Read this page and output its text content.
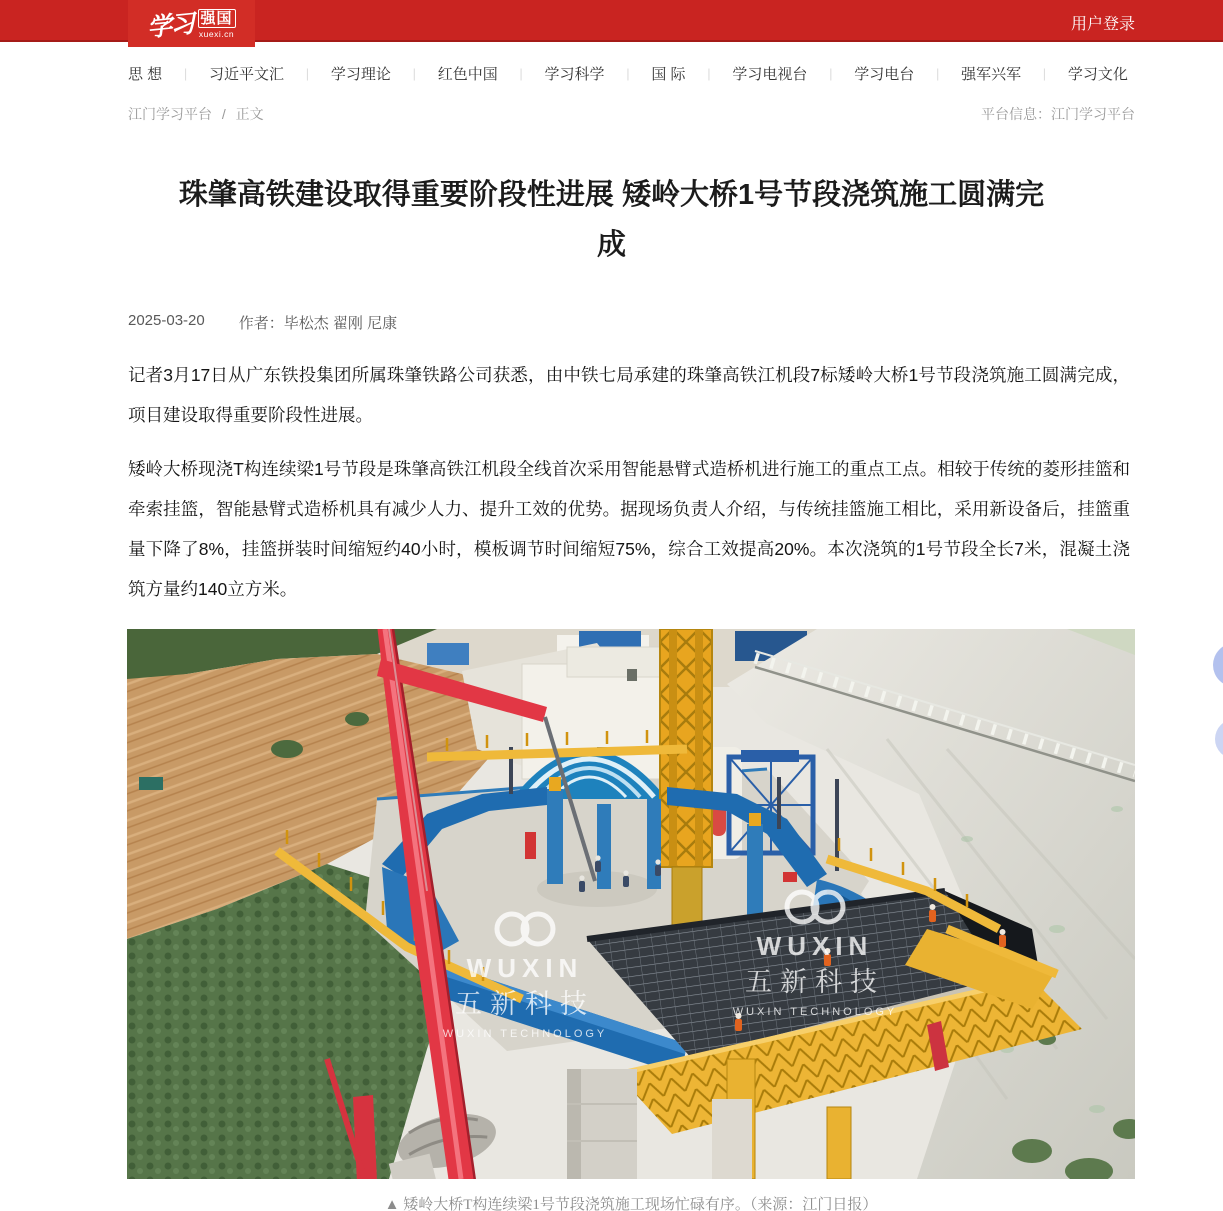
学习 强国
xuexi.cn
用户登录
思 想 | 习近平文汇 | 学习理论 | 红色中国 | 学习科学 | 国 际 | 学习电视台 | 学习电台 | 强军兴军 | 学习文化
江门学习平台 / 正文	平台信息：江门学习平台
珠肇高铁建设取得重要阶段性进展 矮岭大桥1号节段浇筑施工圆满完成
2025-03-20 作者：毕松杰 翟刚 尼康

记者3月17日从广东铁投集团所属珠肇铁路公司获悉，由中铁七局承建的珠肇高铁江机段7标矮岭大桥1号节段浇筑施工圆满完成，项目建设取得重要阶段性进展。

矮岭大桥现浇T构连续梁1号节段是珠肇高铁江机段全线首次采用智能悬臂式造桥机进行施工的重点工点。相较于传统的菱形挂篮和牵索挂篮，智能悬臂式造桥机具有减少人力、提升工效的优势。据现场负责人介绍，与传统挂篮施工相比，采用新设备后，挂篮重量下降了8%，挂篮拼装时间缩短约40小时，模板调节时间缩短75%，综合工效提高20%。本次浇筑的1号节段全长7米，混凝土浇筑方量约140立方米。

WUXIN
五新科技
WUXIN TECHNOLOGY
WUXIN
五新科技
WUXIN TECHNOLOGY
▲ 矮岭大桥T构连续梁1号节段浇筑施工现场忙碌有序。（来源：江门日报）
